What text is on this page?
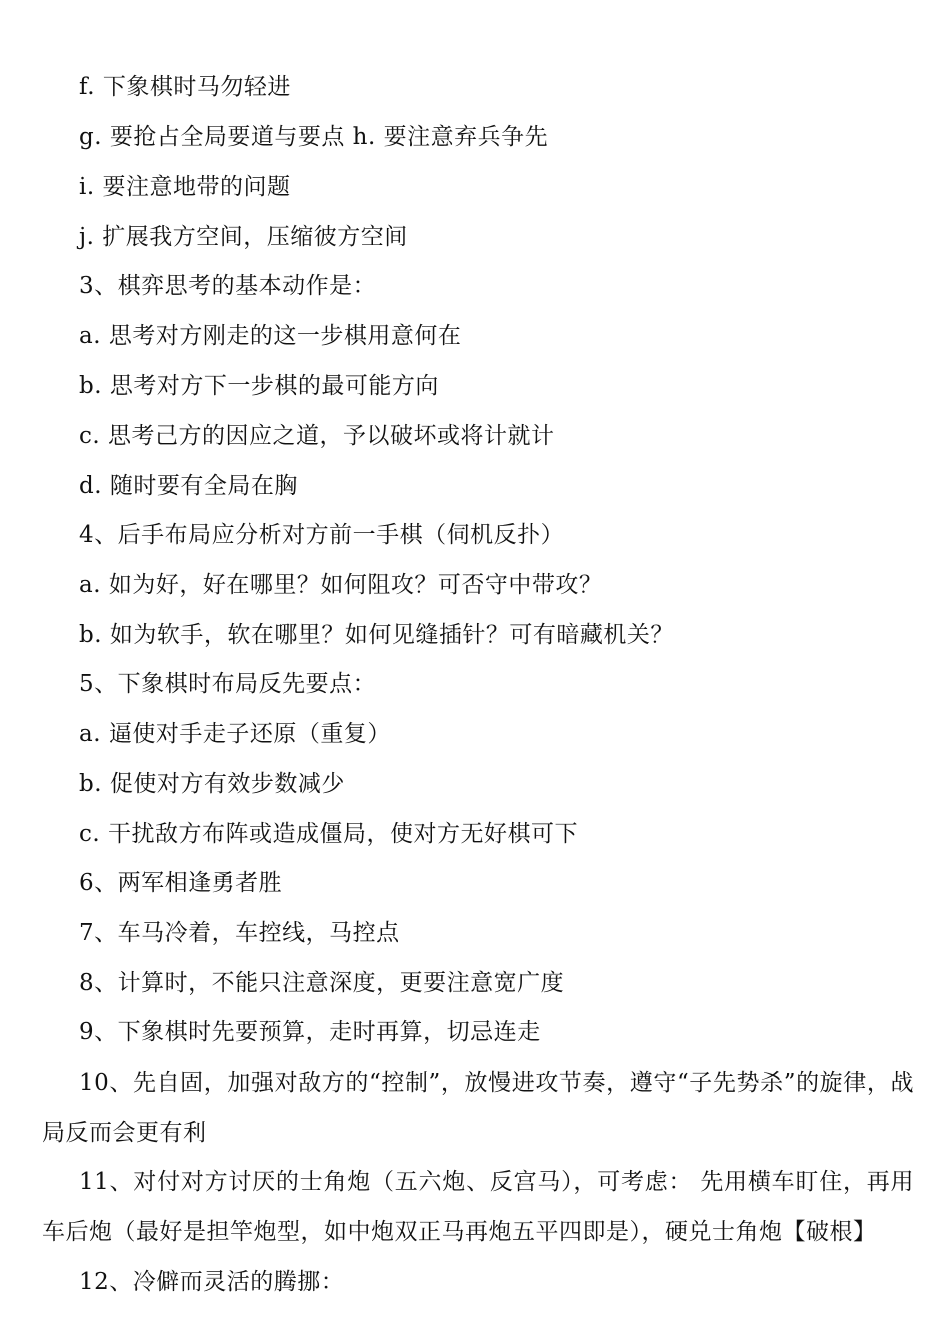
f. 下象棋时马勿轻进
g. 要抢占全局要道与要点 h. 要注意弃兵争先
i. 要注意地带的问题
j. 扩展我方空间，压缩彼方空间
3、棋弈思考的基本动作是：
a. 思考对方刚走的这一步棋用意何在
b. 思考对方下一步棋的最可能方向
c. 思考己方的因应之道，予以破坏或将计就计
d. 随时要有全局在胸
4、后手布局应分析对方前一手棋（伺机反扑）
a. 如为好，好在哪里？如何阻攻？可否守中带攻？
b. 如为软手，软在哪里？如何见缝插针？可有暗藏机关？
5、下象棋时布局反先要点：
a. 逼使对手走子还原（重复）
b. 促使对方有效步数减少
c. 干扰敌方布阵或造成僵局，使对方无好棋可下
6、两军相逢勇者胜
7、车马冷着，车控线，马控点
8、计算时，不能只注意深度，更要注意宽广度
9、下象棋时先要预算，走时再算，切忌连走
10、先自固，加强对敌方的“控制”，放慢进攻节奏，遵守“子先势杀”的旋律，战局反而会更有利
11、对付对方讨厌的士角炮（五六炮、反宫马），可考虑： 先用横车盯住，再用车后炮（最好是担竿炮型，如中炮双正马再炮五平四即是），硬兑士角炮【破根】
12、冷僻而灵活的腾挪：
